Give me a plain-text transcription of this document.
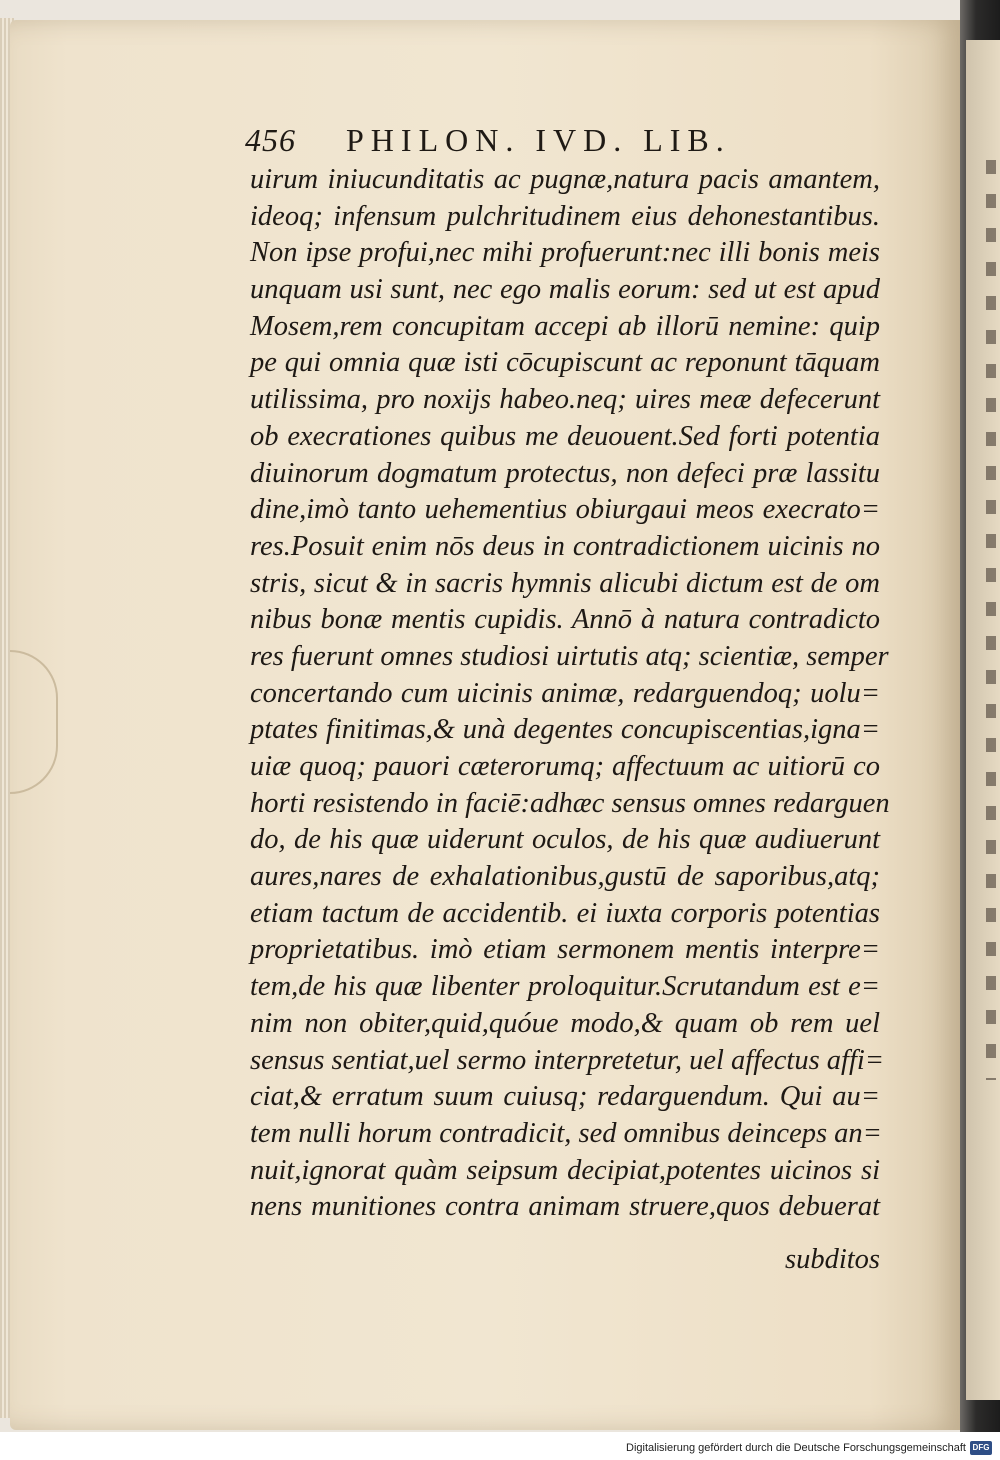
456 PHILON. IVD. LIB.
uirum iniucunditatis ac pugnæ,natura pacis amantem,
ideoq; infensum pulchritudinem eius dehonestantibus.
Non ipse profui,nec mihi profuerunt:nec illi bonis meis
unquam usi sunt, nec ego malis eorum: sed ut est apud
Mosem,rem concupitam accepi ab illorū nemine: quip
pe qui omnia quæ isti cōcupiscunt ac reponunt tāquam
utilissima, pro noxijs habeo.neq; uires meæ defecerunt
ob execrationes quibus me deuouent.Sed forti potentia
diuinorum dogmatum protectus, non defeci præ lassitu
dine,imò tanto uehementius obiurgaui meos execrato=
res.Posuit enim nōs deus in contradictionem uicinis no
stris, sicut & in sacris hymnis alicubi dictum est de om
nibus bonæ mentis cupidis. Annō à natura contradicto
res fuerunt omnes studiosi uirtutis atq; scientiæ, semper
concertando cum uicinis animæ, redarguendoq; uolu=
ptates finitimas,& unà degentes concupiscentias,igna=
uiæ quoq; pauori cæterorumq; affectuum ac uitiorū co
horti resistendo in faciē:adhæc sensus omnes redarguen
do, de his quæ uiderunt oculos, de his quæ audiuerunt
aures,nares de exhalationibus,gustū de saporibus,atq;
etiam tactum de accidentib. ei iuxta corporis potentias
proprietatibus. imò etiam sermonem mentis interpre=
tem,de his quæ libenter proloquitur.Scrutandum est e=
nim non obiter,quid,quóue modo,& quam ob rem uel
sensus sentiat,uel sermo interpretetur, uel affectus affi=
ciat,& erratum suum cuiusq; redarguendum. Qui au=
tem nulli horum contradicit, sed omnibus deinceps an=
nuit,ignorat quàm seipsum decipiat,potentes uicinos si
nens munitiones contra animam struere,quos debuerat
subditos
Digitalisierung gefördert durch die Deutsche Forschungsgemeinschaft DFG
